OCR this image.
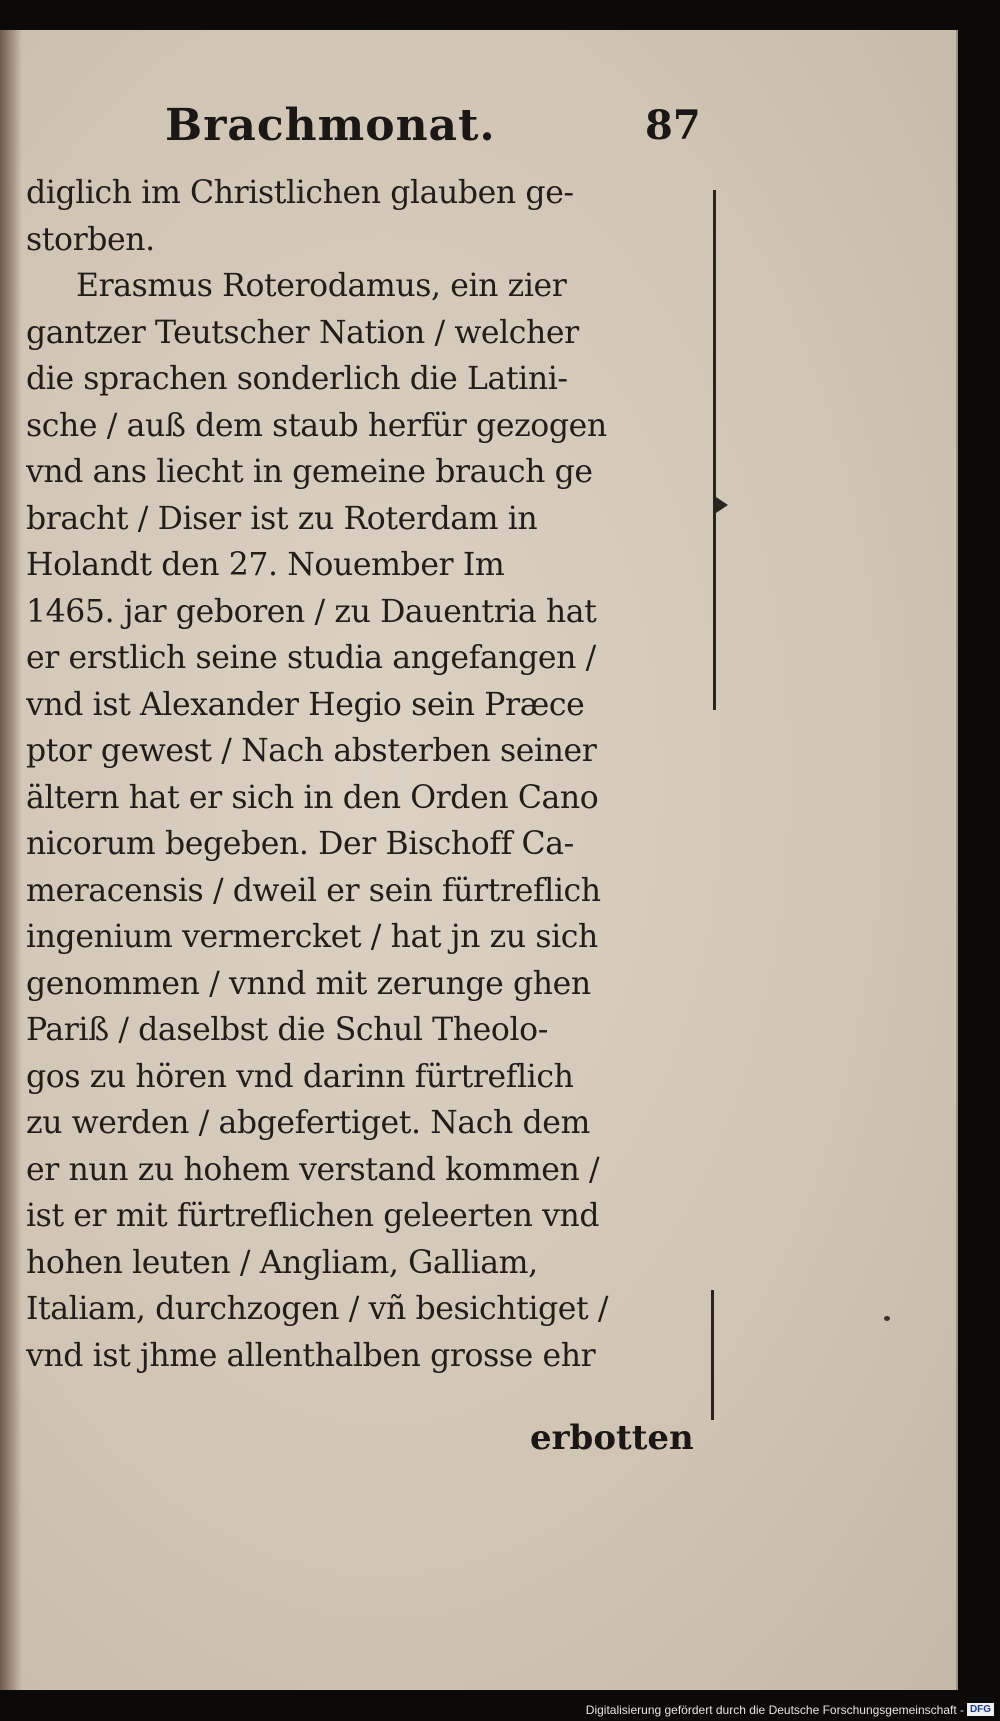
Brachmonat.	87
diglich im Christlichen glauben ge-
storben.
Erasmus Roterodamus, ein zier
gantzer Teutscher Nation / welcher
die sprachen sonderlich die Latini-
sche / auß dem staub herfür gezogen
vnd ans liecht in gemeine brauch ge
bracht / Diser ist zu Roterdam in
Holandt den 27. Nouember Im
1465. jar geboren / zu Dauentria hat
er erstlich seine studia angefangen /
vnd ist Alexander Hegio sein Præce
ptor gewest / Nach absterben seiner
ältern hat er sich in den Orden Cano
nicorum begeben. Der Bischoff Ca-
meracensis / dweil er sein fürtreflich
ingenium vermercket / hat jn zu sich
genommen / vnnd mit zerunge ghen
Pariß / daselbst die Schul Theolo-
gos zu hören vnd darinn fürtreflich
zu werden / abgefertiget. Nach dem
er nun zu hohem verstand kommen /
ist er mit fürtreflichen geleerten vnd
hohen leuten / Angliam, Galliam,
Italiam, durchzogen / vñ besichtiget /
vnd ist jhme allenthalben grosse ehr
erbotten
Digitalisierung gefördert durch die Deutsche Forschungsgemeinschaft - DFG
